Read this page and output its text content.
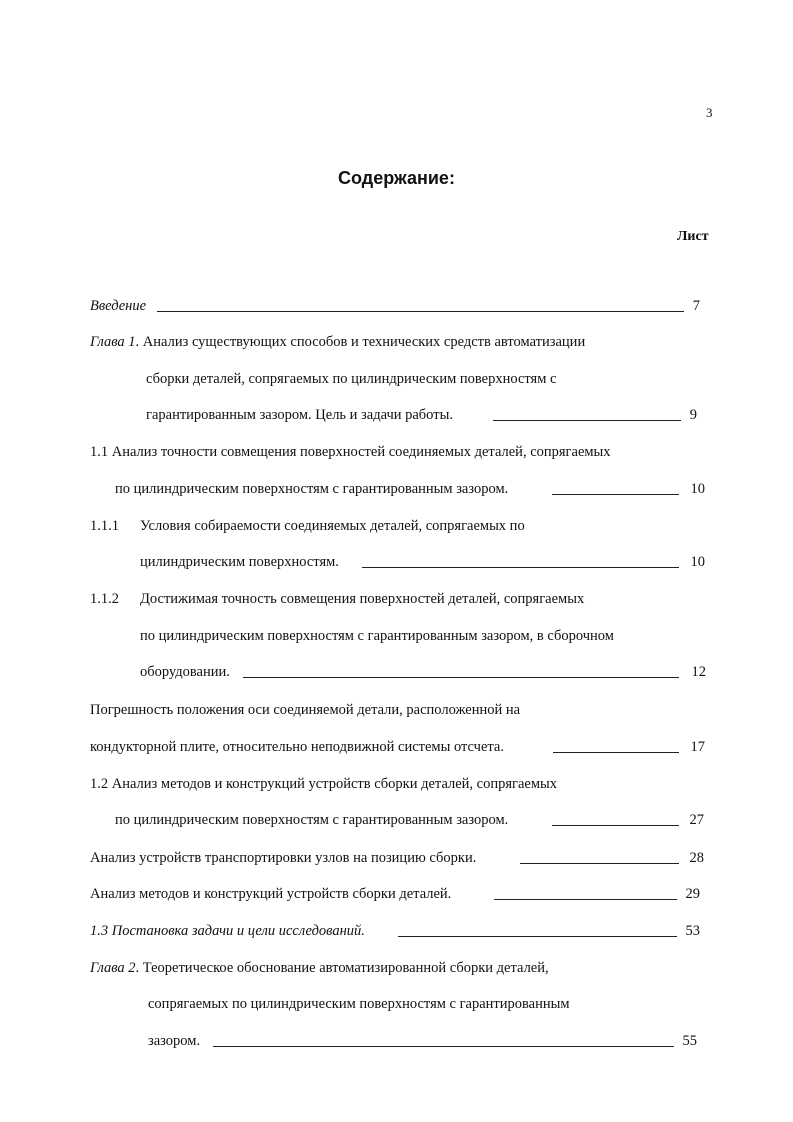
3
Содержание:
Лист
Введение	7
Глава 1. Анализ существующих способов и технических средств автоматизации
сборки деталей, сопрягаемых по цилиндрическим поверхностям с
гарантированным зазором. Цель и задачи работы.	9
1.1 Анализ точности совмещения поверхностей соединяемых деталей, сопрягаемых
по цилиндрическим поверхностям с гарантированным зазором.	10
1.1.1 Условия собираемости соединяемых деталей, сопрягаемых по
цилиндрическим поверхностям.	10
1.1.2 Достижимая точность совмещения поверхностей деталей, сопрягаемых
по цилиндрическим поверхностям с гарантированным зазором, в сборочном
оборудовании.	12
Погрешность положения оси соединяемой детали, расположенной на
кондукторной плите, относительно неподвижной системы отсчета.	17
1.2 Анализ методов и конструкций устройств сборки деталей, сопрягаемых
по цилиндрическим поверхностям с гарантированным зазором.	27
Анализ устройств транспортировки узлов на позицию сборки.	28
Анализ методов и конструкций устройств сборки деталей.	29
1.3 Постановка задачи и цели исследований.	53
Глава 2. Теоретическое обоснование автоматизированной сборки деталей,
сопрягаемых по цилиндрическим поверхностям с гарантированным
зазором.	55
